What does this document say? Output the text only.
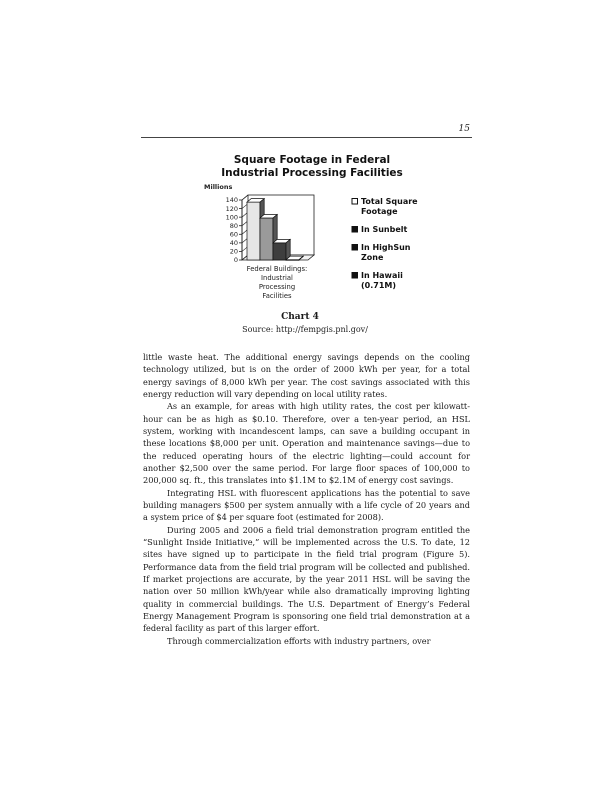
15
Square Footage in Federal
Industrial Processing Facilities
Millions
0
20
40
60
80
100
120
140
Federal Buildings:
Industrial
Processing
Facilities
Total Square
Footage
In Sunbelt
In HighSun
Zone
In Hawaii
(0.71M)
Chart 4
Source: http://fempgis.pnl.gov/

little waste heat. The additional energy savings depends on the cooling technology utilized, but is on the order of 2000 kWh per year, for a total energy savings of 8,000 kWh per year. The cost savings associated with this energy reduction will vary depending on local utility rates.

As an example, for areas with high utility rates, the cost per kilowatt-hour can be as high as $0.10. Therefore, over a ten-year period, an HSL system, working with incandescent lamps, can save a building occupant in these locations $8,000 per unit. Operation and maintenance savings—due to the reduced operating hours of the electric lighting—could account for another $2,500 over the same period. For large floor spaces of 100,000 to 200,000 sq. ft., this translates into $1.1M to $2.1M of energy cost savings.

Integrating HSL with fluorescent applications has the potential to save building managers $500 per system annually with a life cycle of 20 years and a system price of $4 per square foot (estimated for 2008).

During 2005 and 2006 a field trial demonstration program entitled the “Sunlight Inside Initiative,” will be implemented across the U.S. To date, 12 sites have signed up to participate in the field trial program (Figure 5). Performance data from the field trial program will be collected and published. If market projections are accurate, by the year 2011 HSL will be saving the nation over 50 million kWh/year while also dramatically improving lighting quality in commercial buildings. The U.S. Department of Energy’s Federal Energy Management Program is sponsoring one field trial demonstration at a federal facility as part of this larger effort.

Through commercialization efforts with industry partners, over
